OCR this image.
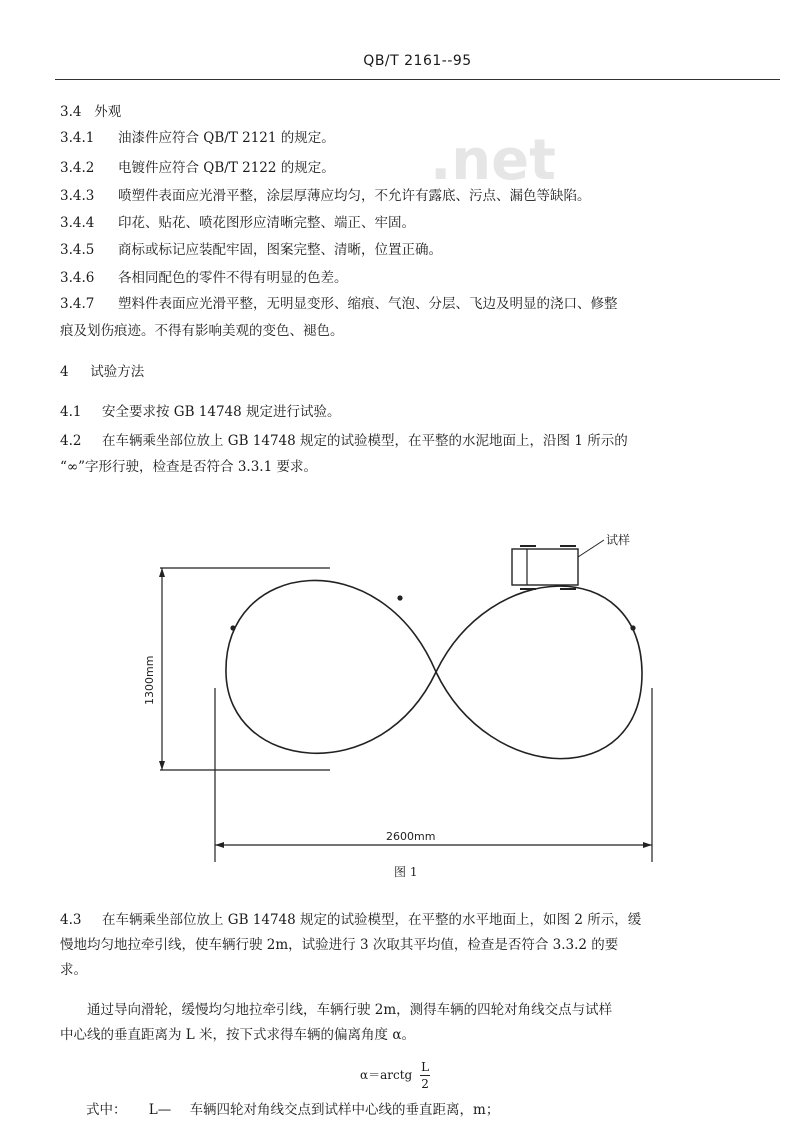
.net
QB/T 2161--95
3.4 外观
3.4.1 油漆件应符合 QB/T 2121 的规定。
3.4.2 电镀件应符合 QB/T 2122 的规定。
3.4.3 喷塑件表面应光滑平整，涂层厚薄应均匀，不允许有露底、污点、漏色等缺陷。
3.4.4 印花、贴花、喷花图形应清晰完整、端正、牢固。
3.4.5 商标或标记应装配牢固，图案完整、清晰，位置正确。
3.4.6 各相同配色的零件不得有明显的色差。
3.4.7 塑料件表面应光滑平整，无明显变形、缩痕、气泡、分层、飞边及明显的浇口、修整
痕及划伤痕迹。不得有影响美观的变色、褪色。
4 试验方法
4.1 安全要求按 GB 14748 规定进行试验。
4.2 在车辆乘坐部位放上 GB 14748 规定的试验模型，在平整的水泥地面上，沿图 1 所示的
“∞”字形行驶，检查是否符合 3.3.1 要求。
试样
1300mm
2600mm
图 1
4.3 在车辆乘坐部位放上 GB 14748 规定的试验模型，在平整的水平地面上，如图 2 所示，缓
慢地均匀地拉牵引线，使车辆行驶 2m，试验进行 3 次取其平均值，检查是否符合 3.3.2 的要
求。
通过导向滑轮，缓慢均匀地拉牵引线，车辆行驶 2m，测得车辆的四轮对角线交点与试样
中心线的垂直距离为 L 米，按下式求得车辆的偏离角度 α。
α＝arctg $\frac{L}{2}$
式中： L— 车辆四轮对角线交点到试样中心线的垂直距离，m；
